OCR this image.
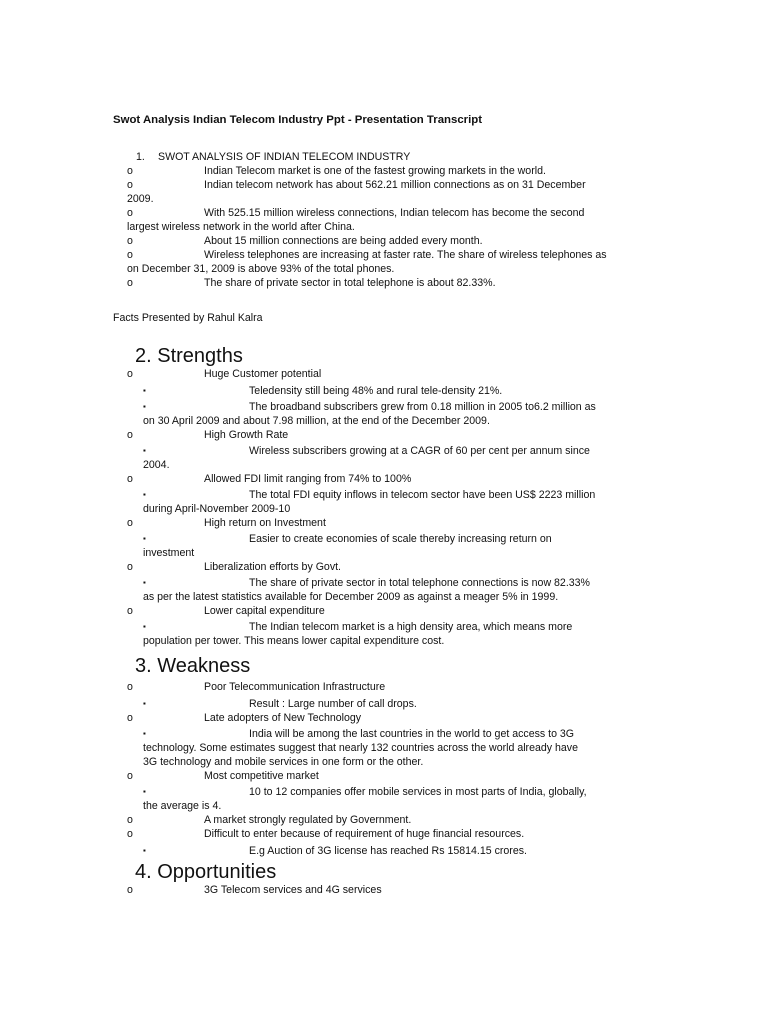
Swot Analysis Indian Telecom Industry Ppt - Presentation Transcript
1. SWOT ANALYSIS OF INDIAN TELECOM INDUSTRY
o	Indian Telecom market is one of the fastest growing markets in the world.
o	Indian telecom network has about 562.21 million connections as on 31 December
2009.
o	With 525.15 million wireless connections, Indian telecom has become the second
largest wireless network in the world after China.
o	About 15 million connections are being added every month.
o	Wireless telephones are increasing at faster rate. The share of wireless telephones as
on December 31, 2009 is above 93% of the total phones.
o	The share of private sector in total telephone is about 82.33%.
Facts Presented by Rahul Kalra
2. Strengths
o	Huge Customer potential
▪	Teledensity still being 48% and rural tele-density 21%.
▪	The broadband subscribers grew from 0.18 million in 2005 to6.2 million as
on 30 April 2009 and about 7.98 million, at the end of the December 2009.
o	High Growth Rate
▪	Wireless subscribers growing at a CAGR of 60 per cent per annum since
2004.
o	Allowed FDI limit ranging from 74% to 100%
▪	The total FDI equity inflows in telecom sector have been US$ 2223 million
during April-November 2009-10
o	High return on Investment
▪	Easier to create economies of scale thereby increasing return on
investment
o	Liberalization efforts by Govt.
▪	The share of private sector in total telephone connections is now 82.33%
as per the latest statistics available for December 2009 as against a meager 5% in 1999.
o	Lower capital expenditure
▪	The Indian telecom market is a high density area, which means more
population per tower. This means lower capital expenditure cost.
3. Weakness
o	Poor Telecommunication Infrastructure
▪	Result : Large number of call drops.
o	Late adopters of New Technology
▪	India will be among the last countries in the world to get access to 3G
technology. Some estimates suggest that nearly 132 countries across the world already have
3G technology and mobile services in one form or the other.
o	Most competitive market
▪	10 to 12 companies offer mobile services in most parts of India, globally,
the average is 4.
o	A market strongly regulated by Government.
o	Difficult to enter because of requirement of huge financial resources.
▪	E.g Auction of 3G license has reached Rs 15814.15 crores.
4. Opportunities
o	3G Telecom services and 4G services
